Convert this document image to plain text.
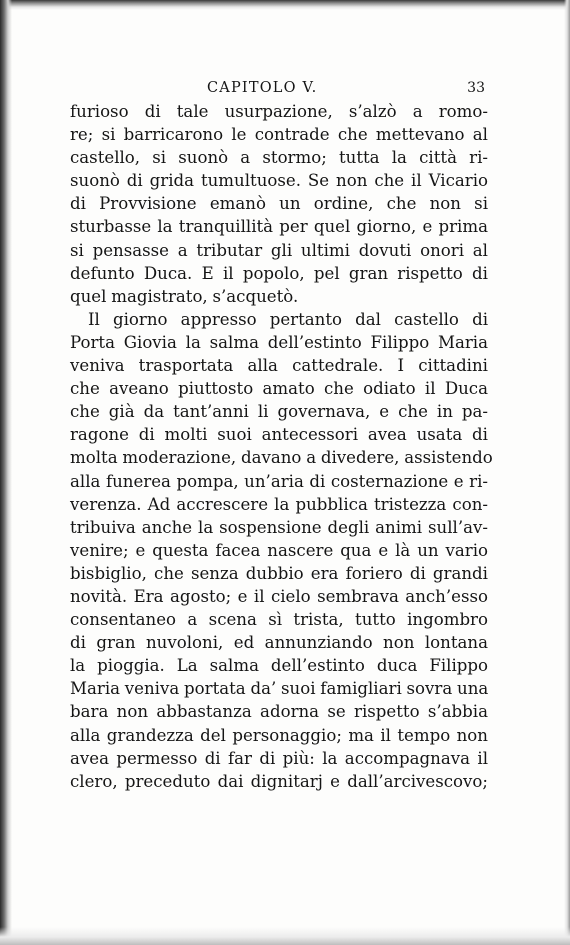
CAPITOLO V.	33
furioso di tale usurpazione, s’alzò a romo-
re; si barricarono le contrade che mettevano al
castello, si suonò a stormo; tutta la città ri-
suonò di grida tumultuose. Se non che il Vicario
di Provvisione emanò un ordine, che non si
sturbasse la tranquillità per quel giorno, e prima
si pensasse a tributar gli ultimi dovuti onori al
defunto Duca. E il popolo, pel gran rispetto di
quel magistrato, s’acquetò.
Il giorno appresso pertanto dal castello di
Porta Giovia la salma dell’estinto Filippo Maria
veniva trasportata alla cattedrale. I cittadini
che aveano piuttosto amato che odiato il Duca
che già da tant’anni li governava, e che in pa-
ragone di molti suoi antecessori avea usata di
molta moderazione, davano a divedere, assistendo
alla funerea pompa, un’aria di costernazione e ri-
verenza. Ad accrescere la pubblica tristezza con-
tribuiva anche la sospensione degli animi sull’av-
venire; e questa facea nascere qua e là un vario
bisbiglio, che senza dubbio era foriero di grandi
novità. Era agosto; e il cielo sembrava anch’esso
consentaneo a scena sì trista, tutto ingombro
di gran nuvoloni, ed annunziando non lontana
la pioggia. La salma dell’estinto duca Filippo
Maria veniva portata da’ suoi famigliari sovra una
bara non abbastanza adorna se rispetto s’abbia
alla grandezza del personaggio; ma il tempo non
avea permesso di far di più: la accompagnava il
clero, preceduto dai dignitarj e dall’arcivescovo;
